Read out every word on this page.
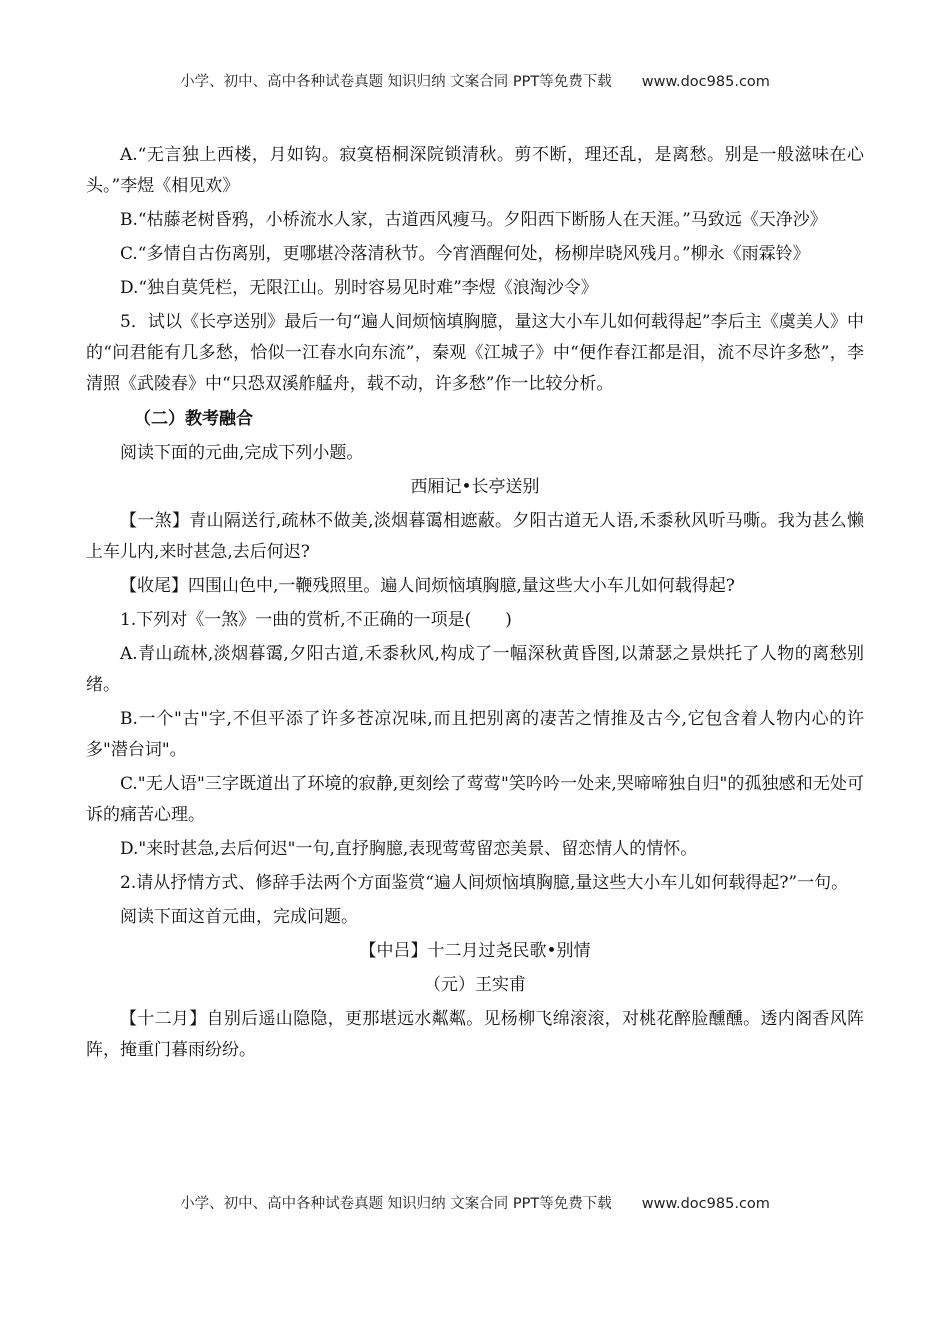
小学、初中、高中各种试卷真题 知识归纳 文案合同 PPT等免费下载 www.doc985.com

A.“无言独上西楼，月如钩。寂寞梧桐深院锁清秋。剪不断，理还乱，是离愁。别是一般滋味在心头。”李煜《相见欢》

B.“枯藤老树昏鸦，小桥流水人家，古道西风瘦马。夕阳西下断肠人在天涯。”马致远《天净沙》

C.“多情自古伤离别，更哪堪冷落清秋节。今宵酒醒何处，杨柳岸晓风残月。”柳永《雨霖铃》

D.“独自莫凭栏，无限江山。别时容易见时难”李煜《浪淘沙令》

5．试以《长亭送别》最后一句“遍人间烦恼填胸臆，量这大小车儿如何载得起”李后主《虞美人》中的“问君能有几多愁，恰似一江春水向东流”，秦观《江城子》中“便作春江都是泪，流不尽许多愁”，李清照《武陵春》中“只恐双溪舴艋舟，载不动，许多愁”作一比较分析。

（二）教考融合

阅读下面的元曲,完成下列小题。

西厢记•长亭送别

【一煞】青山隔送行,疏林不做美,淡烟暮霭相遮蔽。夕阳古道无人语,禾黍秋风听马嘶。我为甚么懒上车儿内,来时甚急,去后何迟?

【收尾】四围山色中,一鞭残照里。遍人间烦恼填胸臆,量这些大小车儿如何载得起?

1.下列对《一煞》一曲的赏析,不正确的一项是(　　)

A.青山疏林,淡烟暮霭,夕阳古道,禾黍秋风,构成了一幅深秋黄昏图,以萧瑟之景烘托了人物的离愁别绪。

B.一个"古"字,不但平添了许多苍凉况味,而且把别离的凄苦之情推及古今,它包含着人物内心的许多"潜台词"。

C."无人语"三字既道出了环境的寂静,更刻绘了莺莺"笑吟吟一处来,哭啼啼独自归"的孤独感和无处可诉的痛苦心理。

D."来时甚急,去后何迟"一句,直抒胸臆,表现莺莺留恋美景、留恋情人的情怀。

2.请从抒情方式、修辞手法两个方面鉴赏“遍人间烦恼填胸臆,量这些大小车儿如何载得起?”一句。

阅读下面这首元曲，完成问题。

【中吕】十二月过尧民歌•别情

（元）王实甫

【十二月】自别后遥山隐隐，更那堪远水粼粼。见杨柳飞绵滚滚，对桃花醉脸醺醺。透内阁香风阵阵，掩重门暮雨纷纷。

小学、初中、高中各种试卷真题 知识归纳 文案合同 PPT等免费下载 www.doc985.com
